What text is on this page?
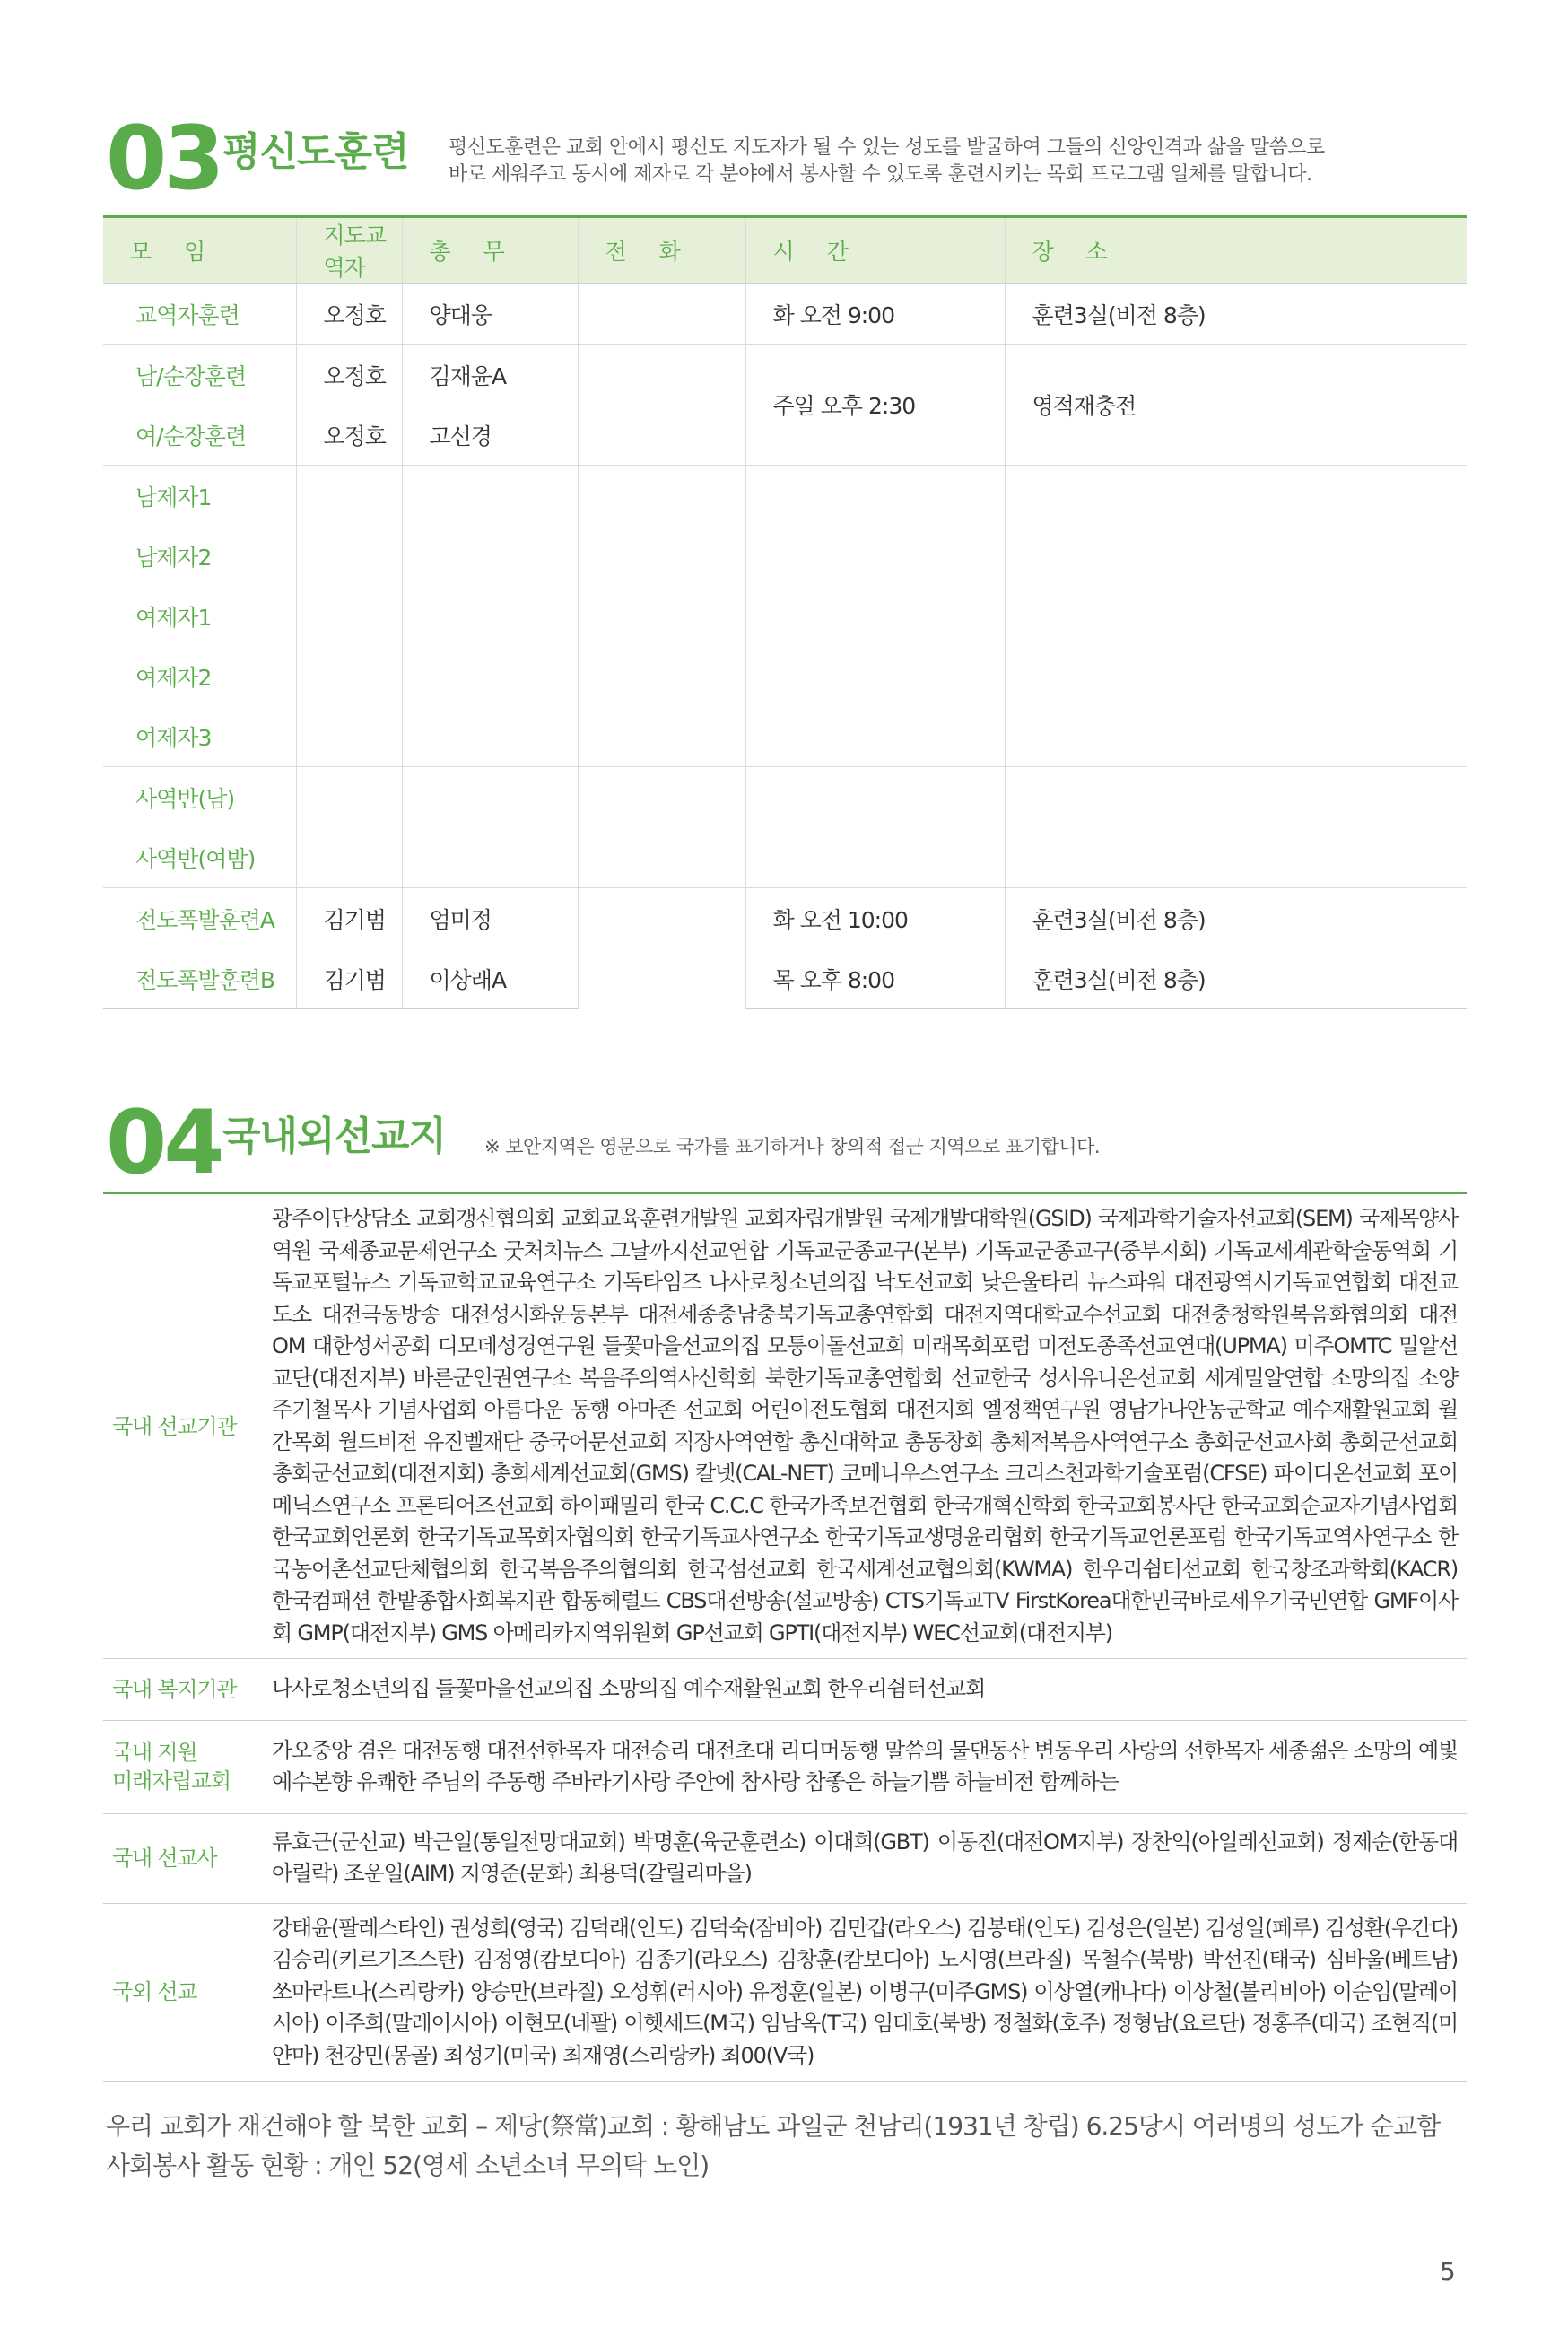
03 평신도훈련 평신도훈련은 교회 안에서 평신도 지도자가 될 수 있는 성도를 발굴하여 그들의 신앙인격과 삶을 말씀으로
바로 세워주고 동시에 제자로 각 분야에서 봉사할 수 있도록 훈련시키는 목회 프로그램 일체를 말합니다.
모 임	지도교역자	총 무	전 화	시 간	장 소
교역자훈련	오정호	양대웅		화 오전 9:00	훈련3실(비전 8층)
남/순장훈련	오정호	김재윤A		주일 오후 2:30	영적재충전
여/순장훈련	오정호	고선경			
남제자1					
남제자2					
여제자1					
여제자2					
여제자3					
사역반(남)					
사역반(여밤)					
전도폭발훈련A	김기범	엄미정		화 오전 10:00	훈련3실(비전 8층)
전도폭발훈련B	김기범	이상래A		목 오후 8:00	훈련3실(비전 8층)
04 국내외선교지 ※ 보안지역은 영문으로 국가를 표기하거나 창의적 접근 지역으로 표기합니다.
국내 선교기관	광주이단상담소 교회갱신협의회 교회교육훈련개발원 교회자립개발원 국제개발대학원(GSID) 국제과학기술자선교회(SEM) 국제목양사역원 국제종교문제연구소 굿처치뉴스 그날까지선교연합 기독교군종교구(본부) 기독교군종교구(중부지회) 기독교세계관학술동역회 기독교포털뉴스 기독교학교교육연구소 기독타임즈 나사로청소년의집 낙도선교회 낮은울타리 뉴스파워 대전광역시기독교연합회 대전교도소 대전극동방송 대전성시화운동본부 대전세종충남충북기독교총연합회 대전지역대학교수선교회 대전충청학원복음화협의회 대전OM 대한성서공회 디모데성경연구원 들꽃마을선교의집 모퉁이돌선교회 미래목회포럼 미전도종족선교연대(UPMA) 미주OMTC 밀알선교단(대전지부) 바른군인권연구소 복음주의역사신학회 북한기독교총연합회 선교한국 성서유니온선교회 세계밀알연합 소망의집 소양 주기철목사 기념사업회 아름다운 동행 아마존 선교회 어린이전도협회 대전지회 엘정책연구원 영남가나안농군학교 예수재활원교회 월간목회 월드비전 유진벨재단 중국어문선교회 직장사역연합 총신대학교 총동창회 총체적복음사역연구소 총회군선교사회 총회군선교회 총회군선교회(대전지회) 총회세계선교회(GMS) 칼넷(CAL-NET) 코메니우스연구소 크리스천과학기술포럼(CFSE) 파이디온선교회 포이메닉스연구소 프론티어즈선교회 하이패밀리 한국 C.C.C 한국가족보건협회 한국개혁신학회 한국교회봉사단 한국교회순교자기념사업회 한국교회언론회 한국기독교목회자협의회 한국기독교사연구소 한국기독교생명윤리협회 한국기독교언론포럼 한국기독교역사연구소 한국농어촌선교단체협의회 한국복음주의협의회 한국섬선교회 한국세계선교협의회(KWMA) 한우리쉼터선교회 한국창조과학회(KACR) 한국컴패션 한밭종합사회복지관 합동헤럴드 CBS대전방송(설교방송) CTS기독교TV FirstKorea대한민국바로세우기국민연합 GMF이사회 GMP(대전지부) GMS 아메리카지역위원회 GP선교회 GPTI(대전지부) WEC선교회(대전지부)
국내 복지기관	나사로청소년의집 들꽃마을선교의집 소망의집 예수재활원교회 한우리쉼터선교회

국내 지원
미래자립교회	가오중앙 겸은 대전동행 대전선한목자 대전승리 대전초대 리디머동행 말씀의 물댄동산 변동우리 사랑의 선한목자 세종젊은 소망의 예빛 예수본향 유쾌한 주님의 주동행 주바라기사랑 주안에 참사랑 참좋은 하늘기쁨 하늘비전 함께하는
국내 선교사	류효근(군선교) 박근일(통일전망대교회) 박명훈(육군훈련소) 이대희(GBT) 이동진(대전OM지부) 장찬익(아일레선교회) 정제순(한동대 아릴락) 조운일(AIM) 지영준(문화) 최용덕(갈릴리마을)
국외 선교	강태윤(팔레스타인) 권성희(영국) 김덕래(인도) 김덕숙(잠비아) 김만갑(라오스) 김봉태(인도) 김성은(일본) 김성일(페루) 김성환(우간다) 김승리(키르기즈스탄) 김정영(캄보디아) 김종기(라오스) 김창훈(캄보디아) 노시영(브라질) 목철수(북방) 박선진(태국) 심바울(베트남) 쏘마라트나(스리랑카) 양승만(브라질) 오성휘(러시아) 유정훈(일본) 이병구(미주GMS) 이상열(캐나다) 이상철(볼리비아) 이순임(말레이시아) 이주희(말레이시아) 이현모(네팔) 이헷세드(M국) 임남옥(T국) 임태호(북방) 정철화(호주) 정형남(요르단) 정홍주(태국) 조현직(미얀마) 천강민(몽골) 최성기(미국) 최재영(스리랑카) 최00(V국)
우리 교회가 재건해야 할 북한 교회 – 제당(祭當)교회 : 황해남도 과일군 천남리(1931년 창립) 6.25당시 여러명의 성도가 순교함
사회봉사 활동 현황 : 개인 52(영세 소년소녀 무의탁 노인)
5
